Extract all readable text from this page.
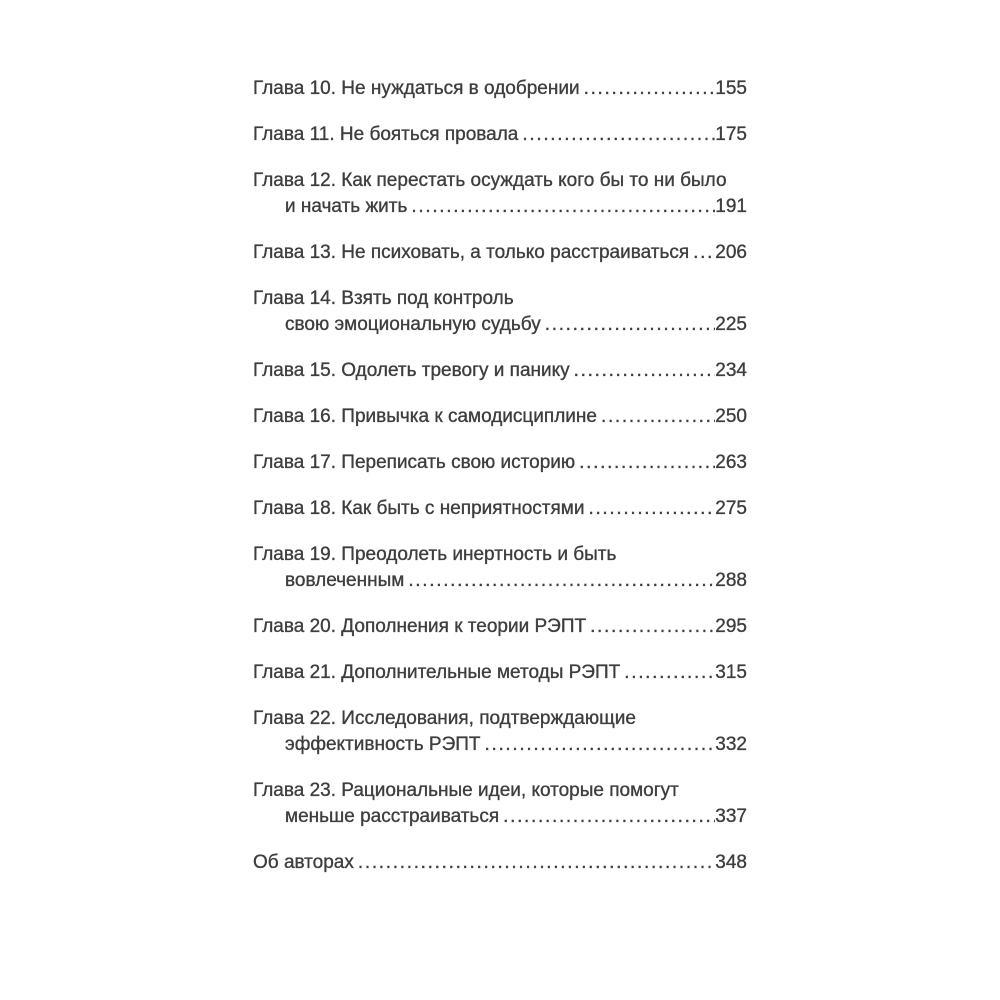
Глава 10. Не нуждаться в одобрении .....	155
Глава 11. Не бояться провала .....	175
Глава 12. Как перестать осуждать кого бы то ни было
и начать жить .....	191
Глава 13. Не психовать, а только расстраиваться ..... 206
Глава 14. Взять под контроль
свою эмоциональную судьбу .....	225
Глава 15. Одолеть тревогу и панику .....	234
Глава 16. Привычка к самодисциплине .....	250
Глава 17. Переписать свою историю .....	263
Глава 18. Как быть с неприятностями .....	275
Глава 19. Преодолеть инертность и быть
вовлеченным .....	288
Глава 20. Дополнения к теории РЭПТ .....	295
Глава 21. Дополнительные методы РЭПТ .....	315
Глава 22. Исследования, подтверждающие
эффективность РЭПТ .....	332
Глава 23. Рациональные идеи, которые помогут
меньше расстраиваться .....	337
Об авторах .....	348
